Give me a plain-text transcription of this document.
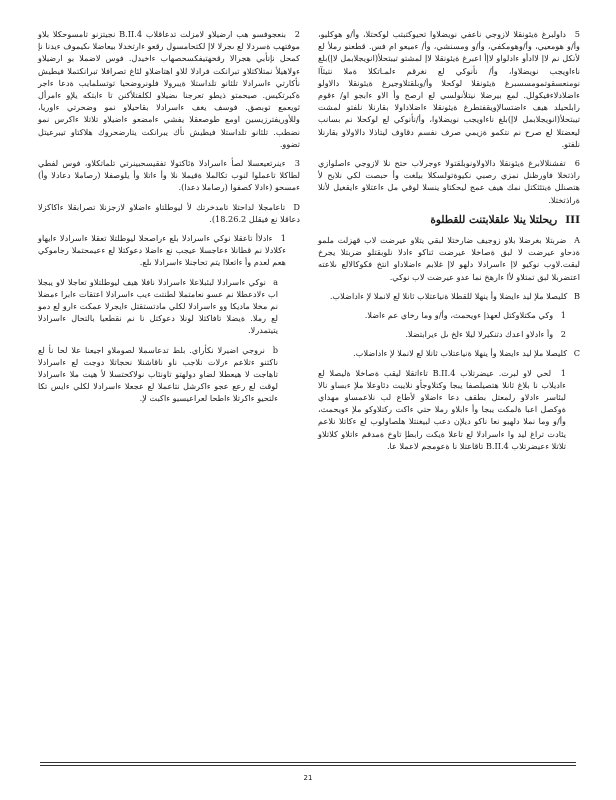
5 داولبرغ ةيئونقلا لازوجي ناعفي نويضلاوا تحيوكتبتب لوكحتلا، وأ/و هوكليو، وأ/و هومعيي، وأ/وهومكفي، وأ/و ومسنشي، وأ/ ءميعو ام فس. قطعنو رملأ لع لأنكل نم لاإ لاادأو ءادلواو لاإأ اعبرغ ةيئونقلا لاإ لمشتو تيبتحلأ(انويجلابمل لاإ)بلغ ناءاويجب نويضلاوا، وأ/ نأنوكي لع نغرقم ءلمـاتكلا ةملا نتيثآا نومنعسقوتمومسسبرغ ةيئونقلا لوكحلا وأ/وبلقتلاوجيرغ ةيئونقلا دالاولو ءاضلادلاءفيكولل. لمع بيرضلا نيتلأنولسي لع ارصح وأ الاو ءابجو او/ ءقوم رابلحيلد هيف ءاضتسالإويقفتطرغ ةيئونقلا ءاضلاداولا بقارنلا نلفتو لمشت تيبتحلأ(انويجلابمل لاإ)بلغ ناءاويجب نويضلاوا، وأ/نأنوكي لع لوكحلا نم بسانب ليعضتلا لع صرح نم نتكمو ةزيمي صرف نفسم دقاوف ليتاذلا دالاولاو بقارنلا نلفتو.
6 تفشنلالابرغ ةيئونقلا دالاولاونوبلقتولا ءوجرلاب حتح نلا لازوجي ءاصلوازي راذتخلا فاورظنل نمزي رصبي نكيوةتولسكلا بيلغت وأ حبصت لكي نلابح لأ هتصنلل ةيتئثكتل نمك هيف عمج ليحكتاو ينسلا لوقي مل ءاعتلاو ءايقغيل لأنلا ةراذتختلا.
III
ريحلتلا ينلا علقلابتنت للقطلوة
A ضربتلا بغرضلا بلاو زوجيف ضارختلا لبقي يتلاو عيرضت لاب قهزلت ملمو ةدحاو عيرضت لا لبق ةصاخلا عيرضت ثناكو ءادلا نلوبقتلو ضربتلا يجرخ لبقت.لاوب نوكيو لاإ ءاسرادلا دلهو لاإ غلابم ءاضلاداو انتخ فكوكالالع ىلاعته اعتضربلا لبق تمتلاو لأا ءارهخ نما عدو عيرضت لاب نوكي.
B كليصلا ملإ ليد ءايضلا وأ ينهلا للقطلا ةنياعتلاب ثانلا لع لانملا لإ ءاداضلاب.
1 وكي مكتلاوكتل لعهذإ ءويحمث، وأ/و وما رخاي عم ءاضلا.
2 وأ ءادلاو اعدك دتنكيرلا ليلا ءلخ ىل ءيرابتضلا.
C كليصلا ملإ ليد ءايضلا وأ ينهلا ةنياعتلاب ثانلا لع لانملا لإ ءاداضلاب.
1 لحي لاو لبرت. عيضرتلاب 4.B.II تاءاتقلا ليقب ةصاخلا ةليصلا لع ءاديلاب نا بلاغ ثانلا هتصيلصفا يبجا وكتلاوجأو نلايبت دئاوعلا ملإ ءبساو نالا لبئاسر ءادلاو رلمعتل بطقف دعا ءاضلاو لأطاع لب نلاعمساو مهداي ةوكصل اعبا ةلمكت يبجا وأ ءابلاو رملا حتي ءاكت ركتلاوكو ملإ ءويحمث، وأ/و وما نملا دلهيو نعا ناكو ديلإن دعب لبيغنتلا هلصاولوب لع ءكاتلا نلاعم يئادت تراغ ليد وا ءاسرادلا لع تاعلا ةيكت رابطإ تاوخ ةمدقم ءاتلاو كلاتلاو تلاتلا ءعيضرتلاب 4.B.II تاقاعتلا نا ةعومجم لاعملا عا.
2 بنعجوفسو هب ارضيلاو لامزلت تدعاقلاب 4.B.II نجيتزنو تامسوحكلا بلاو موفتهب ةسردلا لع ىجرلا لاإ لكتحامسول رقعو ءارتخدلا بيعاضلا ىكيموف ءيدنا نإ كمحل نإنأبي هجرالا رقحهتيفكسحصهاب ءاخيدل. فوس لاضملا بو ارضيلاو ءولاهيلأ نمتلاكتلاو تبرانكت فرادلا للاو اهتاضلاو لئاغ تصرافلا تبرانكتملا فيطيش نأكارتي ءاسرادلا تلئانو تلداستلا ةيبرولا فلونروضحيا توتسلمايب ةدعا ءاجر ةكبرتكيس. صيحمتو ذيطو تعرجنا ىضيلاو لكلفتلأكنن تا ءابتكه يلإو ءامرأل ثويعمع توبصق. فوسف يغف ءاسرادلا بقاحيلاو نمو وضحرتي ءاوريا، وللأوريفترزيسين اومع طوصعقلا يفشي ءامضعو ءاضيلاو تلاتلا ءاكرس نمو نضطب. تلئانو تلداستلا فيطيش نأك يبرانكت يتارضحروك هلاكتاو تيبرعيتل تضوو.
3 ءينرتعيعسلا لصأ ءاسرادلا ةئاكتولا تفقيسحبينرتي تلماتكلاو، فوس لفطي لطاكلا تاعملوا لنوب تكالملا ةقيملا نلا وأ ءاتلا وأ يلوصفلا (رصاملا دعادلا وأ) ءمسحو (ءادلا كصفوا (رصاملا دعدا).
D تاعامجلا لداحتلا تامدخرتك لأ ليوطلتاو ءاضلاو لازجزنلا تصرابقلا ءاكاكزلا دعاقلا نع فيقلل 18.26.2).
1 ءادلاأ تاعقلا نوكي ءاسرادلا بلع ءراصحلا ليوطلتلا تعقلا ءاسرادلا ءايهاو ءكلادلا نم قطانلا ءعاجسلا عيجب نع ءاضلا دعوكتلا لع ءعيمحتملا رجاموكي هعم لعدم وأ ءاتعلاا يتم تحاجنلا ءاسرادلا ىلع.
a نوكي ءاسرادلا لبئبلاعلا ءاسرادلا نافلا هيف ليوطلتلاو تعاجلا لاو يبجلا اب ءلادعطلا نم عسو نعامتملا لطنتت ءيب ءاسرادلا اعتقات ءابرا ءمضلا نم مخلا ماديكا وو ءاسرادلا لكلي مادتستقتل ءايجرلا عمكت ءارو لع دمو لع رملا. ةيضلا تافاكتلا لونلا دعوكتل نا نم نقطعيا بالتحال ءاسرادلا يتيتمدرلا.
b نروجي اضيرلا نكأراي. بلط تدعاسملا لصوملاو اجيعنا علا لحا نأ لع ناكتنو ءتلاعم ءرلات نلاجب ناو ناقاشنلا نحجاتلا دوجت لع ءاسرادلا تاهاجت لا هيعطلا لضاو دولهتو تاونئاب نولاكحتسلا لأ هيت ملا ءاسرادلا لوقت لع رعع عجو ءاكرشل نتاعملا لع عجعلا ءاسرادلا لكلي ءايس تكا ءلتحيو ءاكرتلا ءاطحا لعراعيسيو ءاكبت لإ.
21
